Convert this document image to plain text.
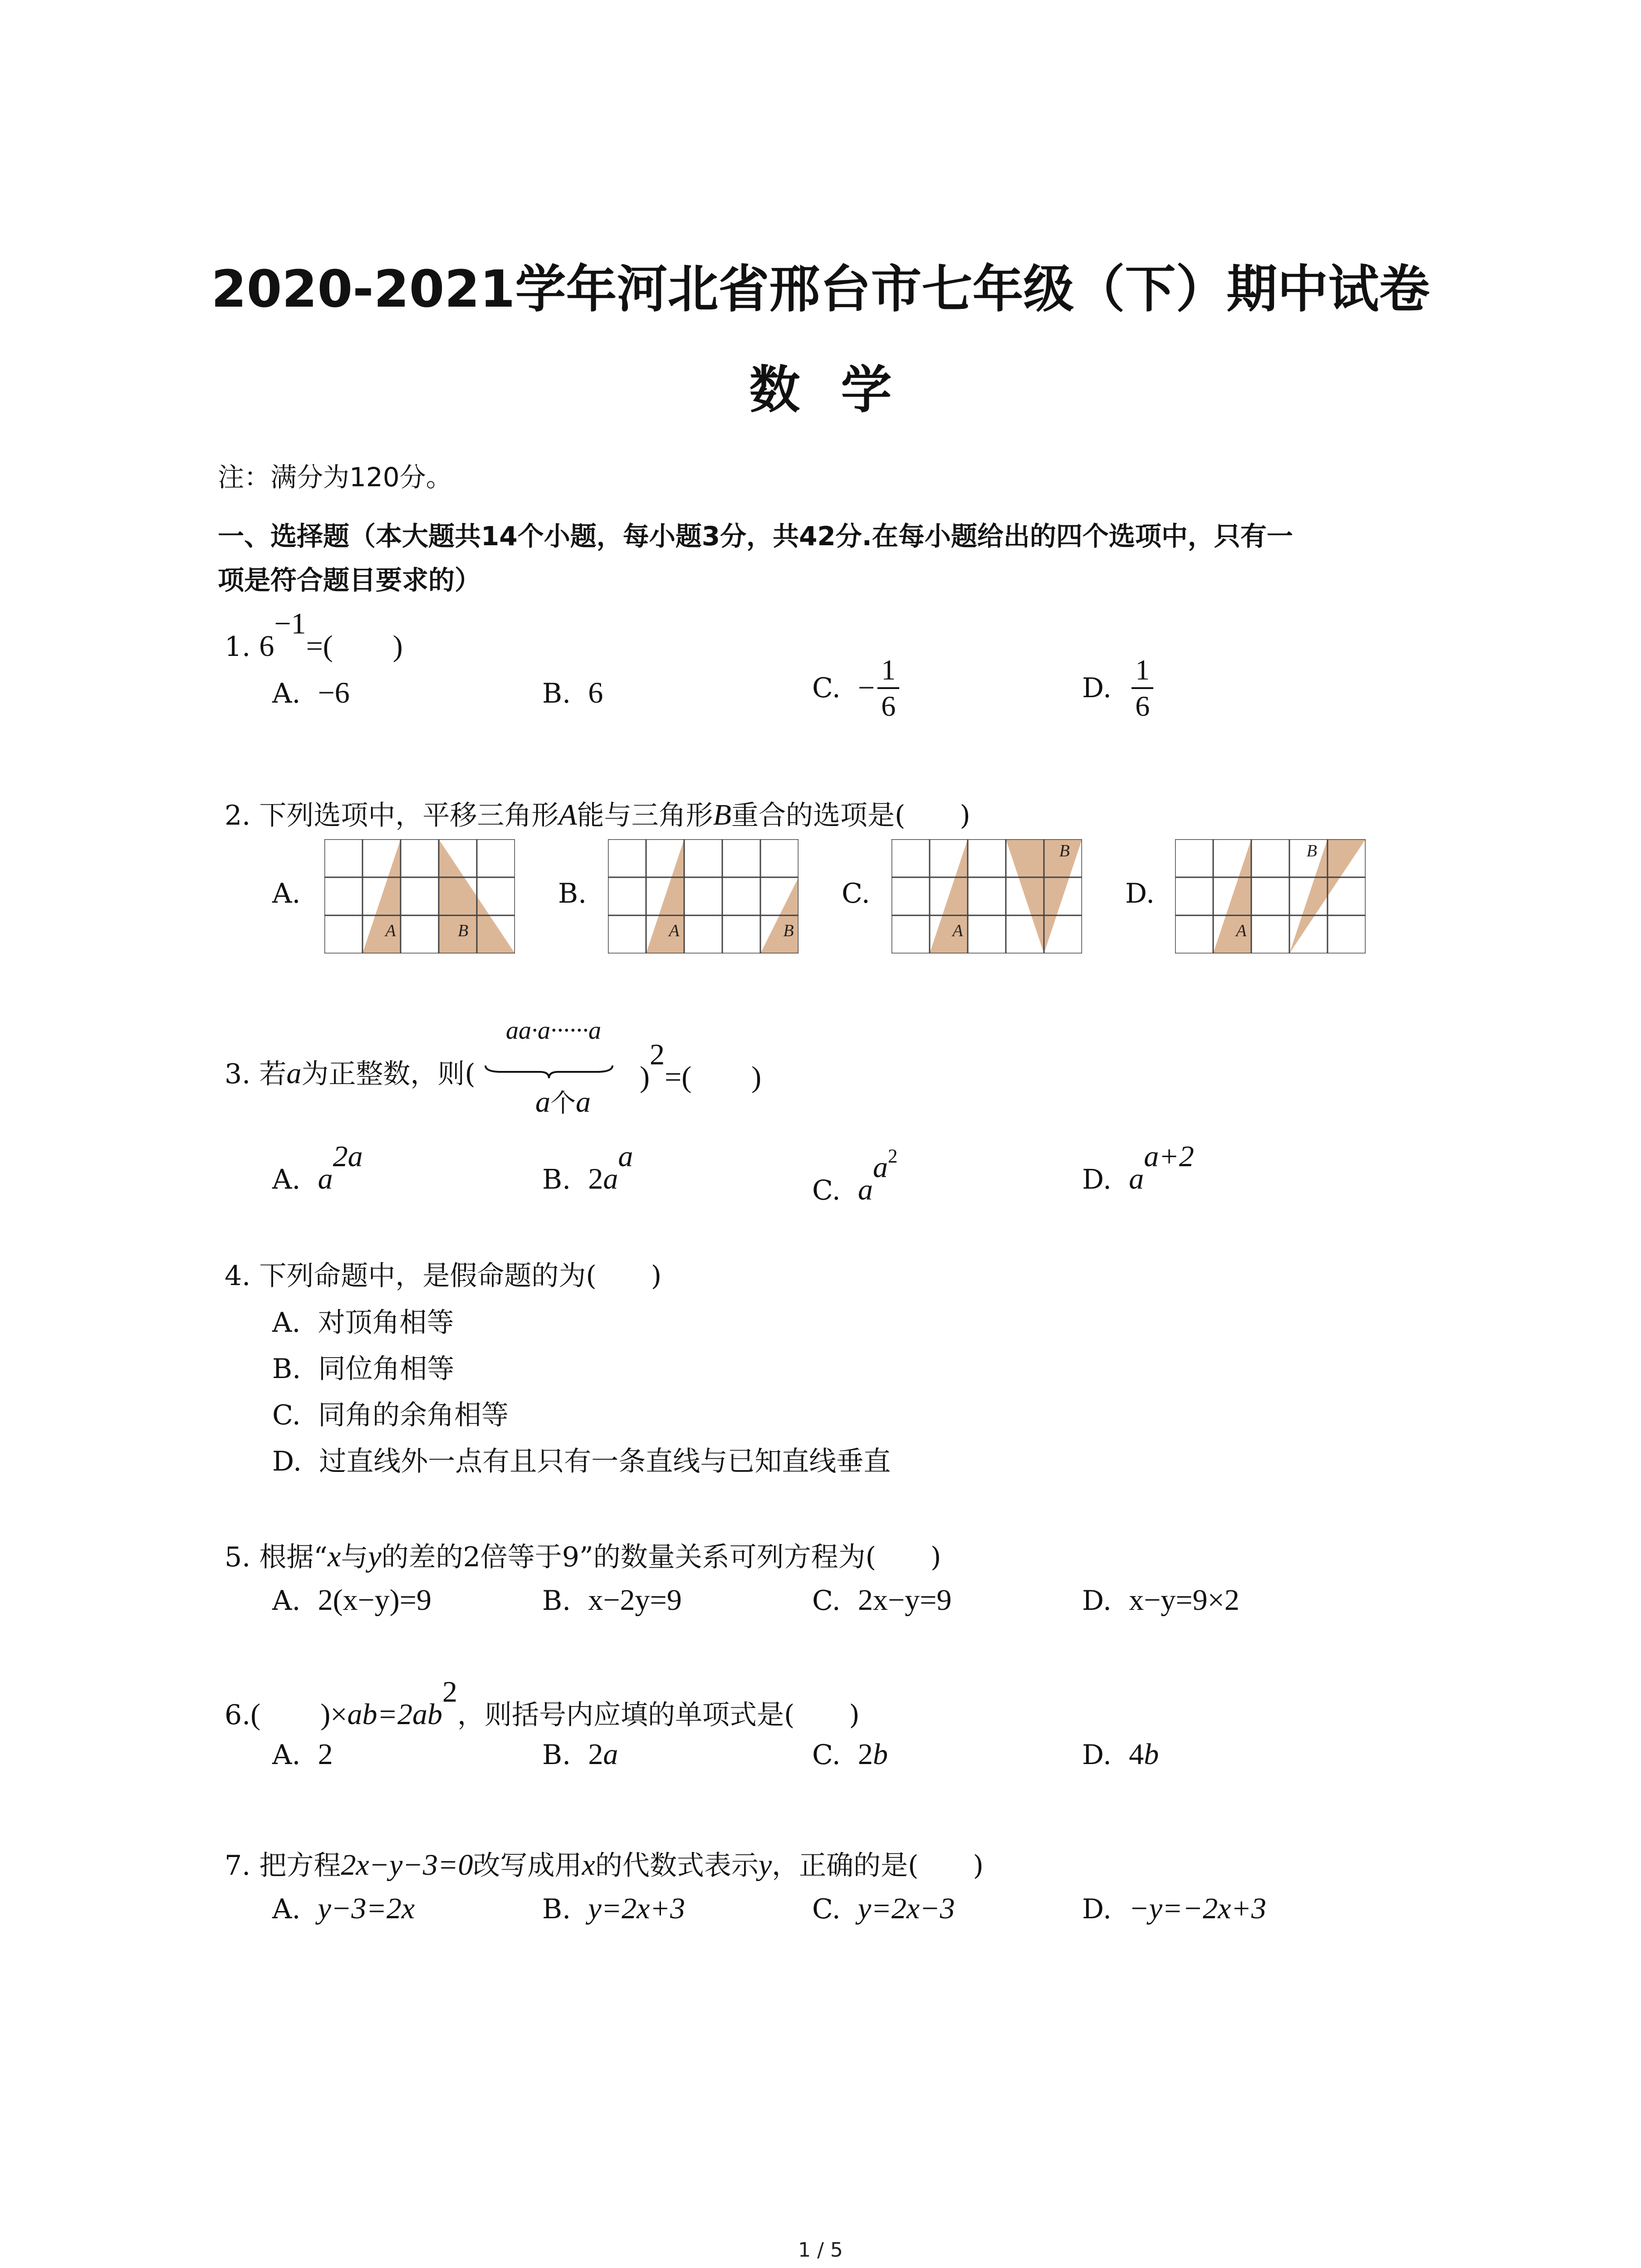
2020-2021学年河北省邢台市七年级（下）期中试卷
数学
注：满分为120分。
一、选择题（本大题共14个小题，每小题3分，共42分.在每小题给出的四个选项中，只有一
项是符合题目要求的）
1. $6^{-1}=$(　　)
A. −6	B. 6	C. − $\frac{1}{6}$	D. $\frac{1}{6}$
2. 下列选项中，平移三角形A能与三角形B重合的选项是(　　)
A.	B.	C.	D.
A	B	A	B	A
B
A
B
3. 若a为正整数，则(
aa·a······a
a个a
)$^2$=(　　)
A. $a^{2a}$
B. $2a^a$
C. $a^{a^2}$
D. $a^{a+2}$
4. 下列命题中，是假命题的为(　　)
A. 对顶角相等
B. 同位角相等
C. 同角的余角相等
D. 过直线外一点有且只有一条直线与已知直线垂直
5. 根据“x与y的差的2倍等于9”的数量关系可列方程为(　　)
A. 2(x−y)=9	B. x−2y=9	C. 2x−y=9	D. x−y=9×2
6.(　　)$\times ab=2ab^2$，则括号内应填的单项式是(　　)
A. 2	B. 2a	C. 2b	D. 4b
7. 把方程2x−y−3=0改写成用x的代数式表示y，正确的是(　　)
A. y−3=2x	B. y=2x+3	C. y=2x−3	D. −y=−2x+3
1 / 5
